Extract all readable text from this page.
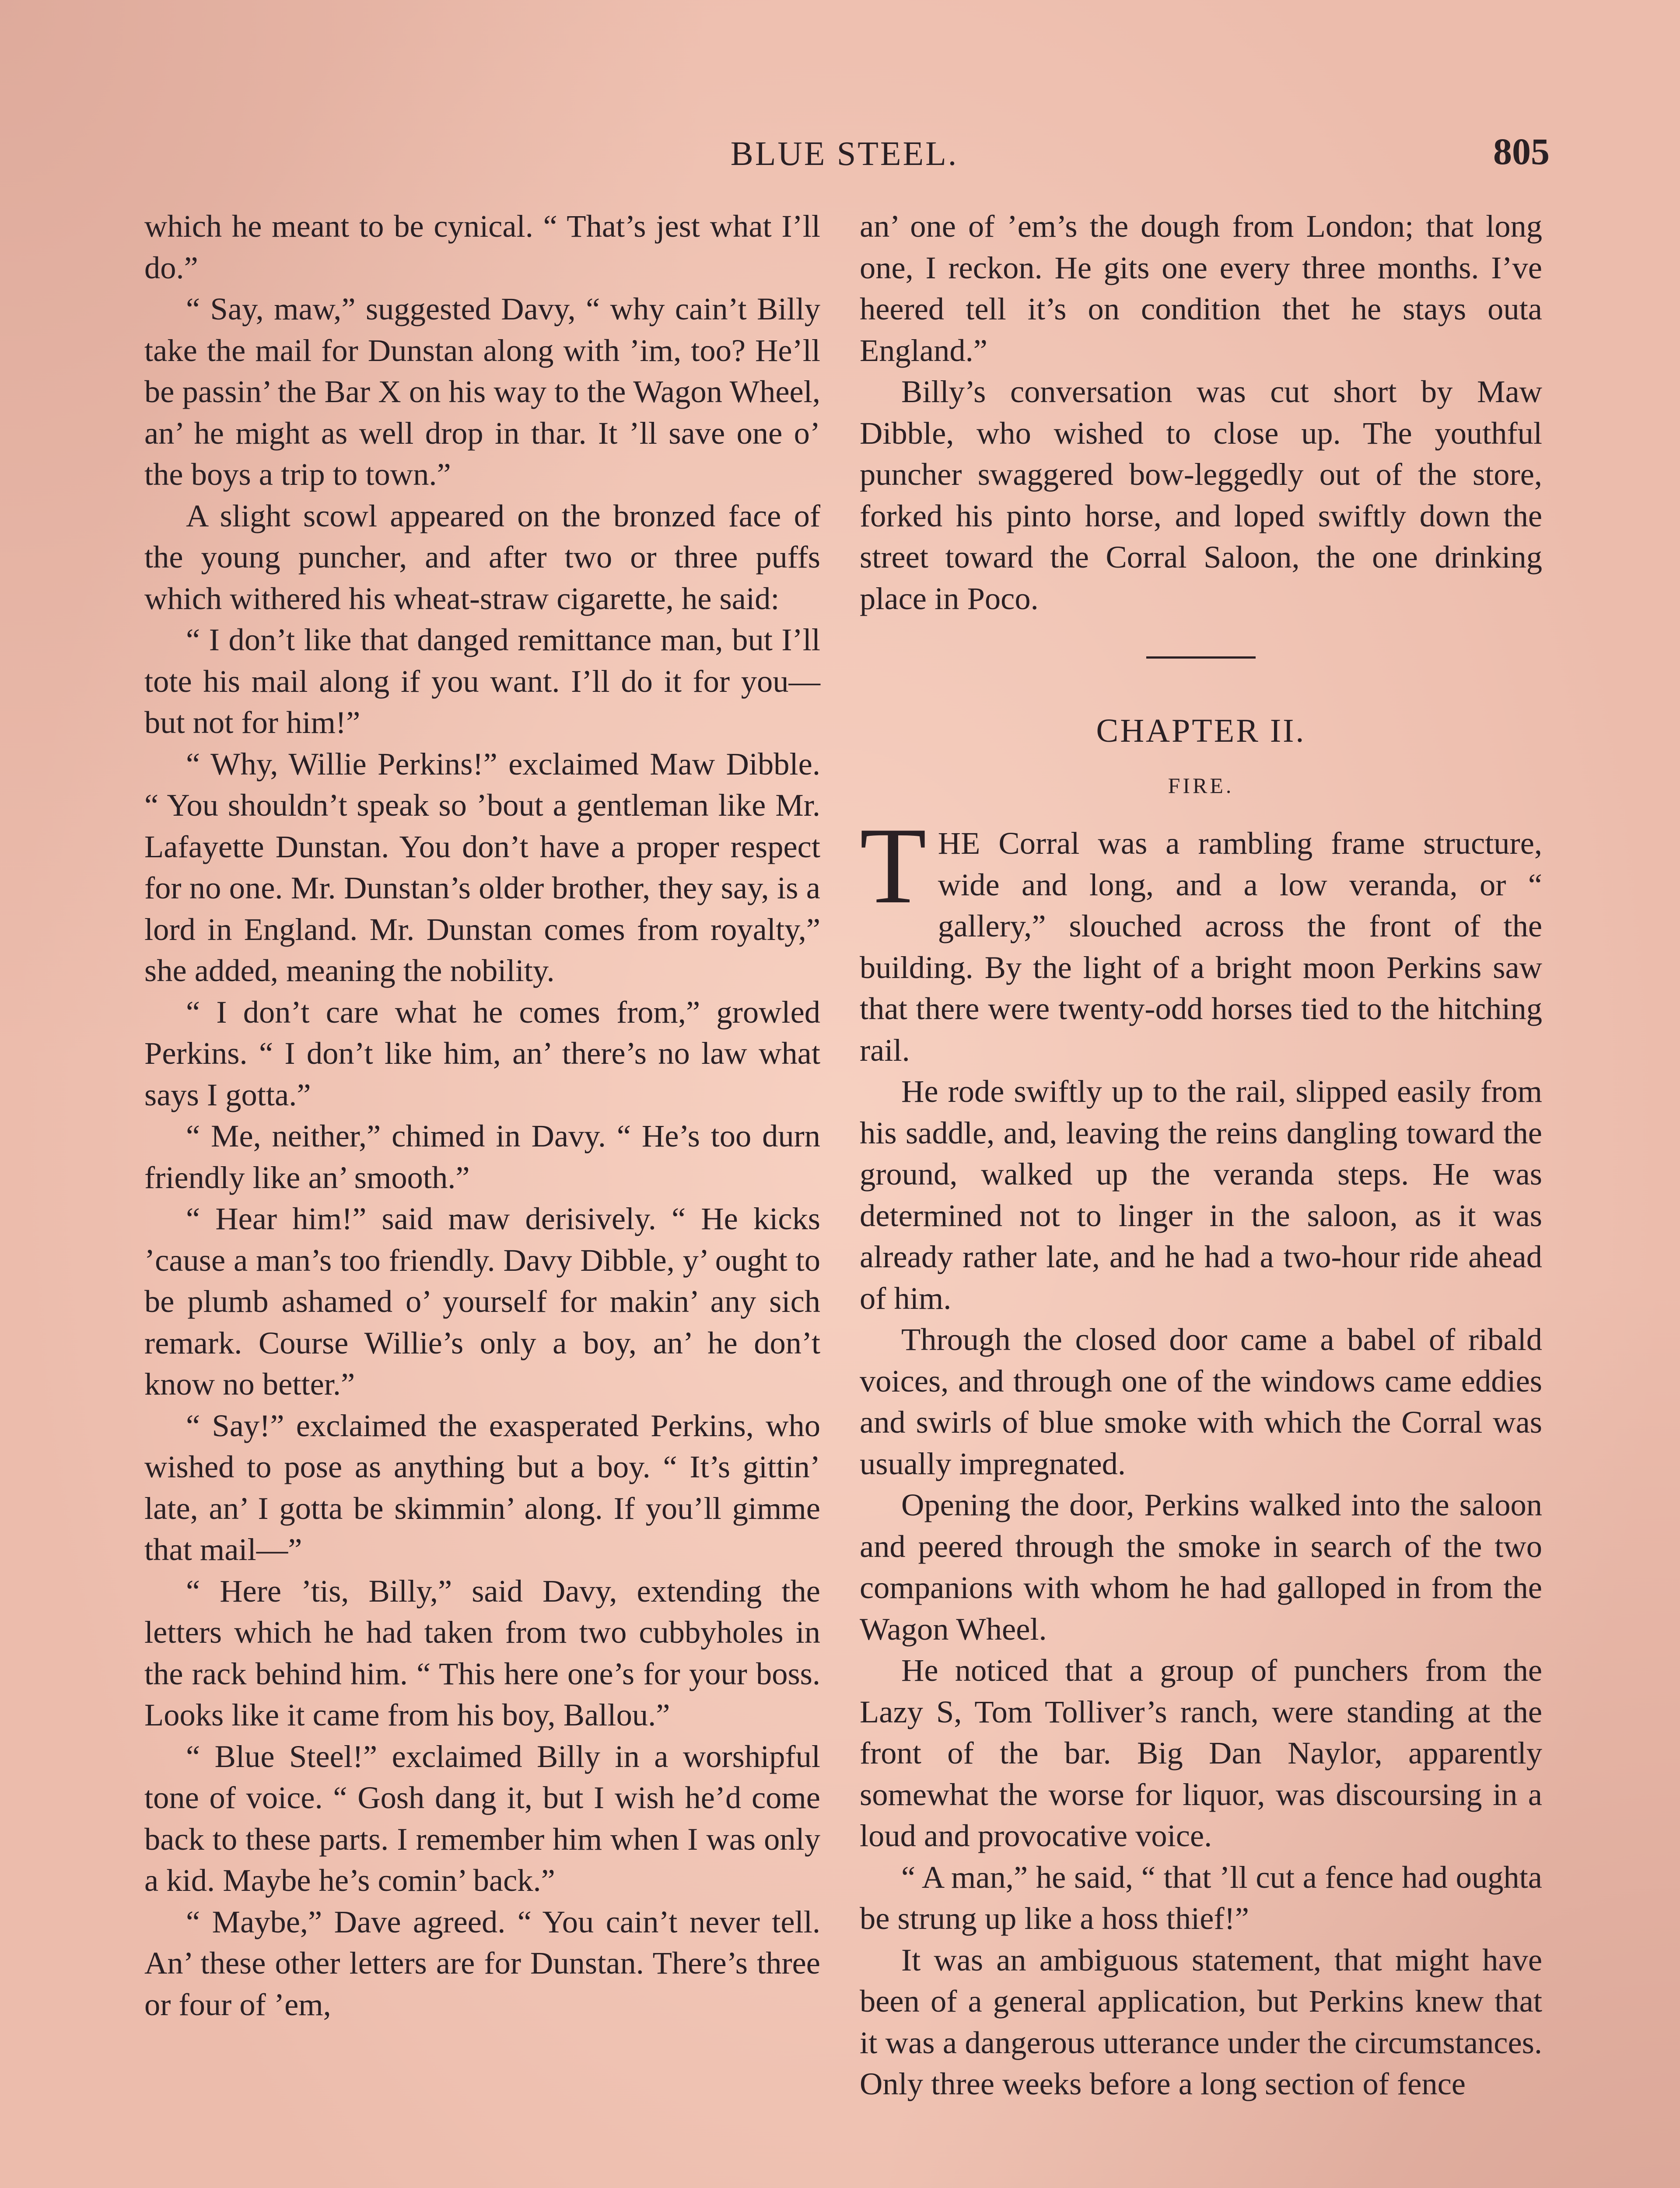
BLUE STEEL.	805

which he meant to be cynical. “ That’s jest what I’ll do.”

“ Say, maw,” suggested Davy, “ why cain’t Billy take the mail for Dunstan along with ’im, too? He’ll be passin’ the Bar X on his way to the Wagon Wheel, an’ he might as well drop in thar. It ’ll save one o’ the boys a trip to town.”

A slight scowl appeared on the bronzed face of the young puncher, and after two or three puffs which withered his wheat-straw cigarette, he said:

“ I don’t like that danged remittance man, but I’ll tote his mail along if you want. I’ll do it for you—but not for him!”

“ Why, Willie Perkins!” exclaimed Maw Dibble. “ You shouldn’t speak so ’bout a gentleman like Mr. Lafayette Dunstan. You don’t have a proper respect for no one. Mr. Dunstan’s older brother, they say, is a lord in England. Mr. Dunstan comes from royalty,” she added, meaning the nobility.

“ I don’t care what he comes from,” growled Perkins. “ I don’t like him, an’ there’s no law what says I gotta.”

“ Me, neither,” chimed in Davy. “ He’s too durn friendly like an’ smooth.”

“ Hear him!” said maw derisively. “ He kicks ’cause a man’s too friendly. Davy Dibble, y’ ought to be plumb ashamed o’ yourself for makin’ any sich remark. Course Willie’s only a boy, an’ he don’t know no better.”

“ Say!” exclaimed the exasperated Perkins, who wished to pose as anything but a boy. “ It’s gittin’ late, an’ I gotta be skimmin’ along. If you’ll gimme that mail—”

“ Here ’tis, Billy,” said Davy, extending the letters which he had taken from two cubbyholes in the rack behind him. “ This here one’s for your boss. Looks like it came from his boy, Ballou.”

“ Blue Steel!” exclaimed Billy in a worshipful tone of voice. “ Gosh dang it, but I wish he’d come back to these parts. I remember him when I was only a kid. Maybe he’s comin’ back.”

“ Maybe,” Dave agreed. “ You cain’t never tell. An’ these other letters are for Dunstan. There’s three or four of ’em,

an’ one of ’em’s the dough from London; that long one, I reckon. He gits one every three months. I’ve heered tell it’s on condition thet he stays outa England.”

Billy’s conversation was cut short by Maw Dibble, who wished to close up. The youthful puncher swaggered bow-leggedly out of the store, forked his pinto horse, and loped swiftly down the street toward the Corral Saloon, the one drinking place in Poco.

CHAPTER II.
FIRE.

THE Corral was a rambling frame structure, wide and long, and a low veranda, or “ gallery,” slouched across the front of the building. By the light of a bright moon Perkins saw that there were twenty-odd horses tied to the hitching rail.

He rode swiftly up to the rail, slipped easily from his saddle, and, leaving the reins dangling toward the ground, walked up the veranda steps. He was determined not to linger in the saloon, as it was already rather late, and he had a two-hour ride ahead of him.

Through the closed door came a babel of ribald voices, and through one of the windows came eddies and swirls of blue smoke with which the Corral was usually impregnated.

Opening the door, Perkins walked into the saloon and peered through the smoke in search of the two companions with whom he had galloped in from the Wagon Wheel.

He noticed that a group of punchers from the Lazy S, Tom Tolliver’s ranch, were standing at the front of the bar. Big Dan Naylor, apparently somewhat the worse for liquor, was discoursing in a loud and provocative voice.

“ A man,” he said, “ that ’ll cut a fence had oughta be strung up like a hoss thief!”

It was an ambiguous statement, that might have been of a general application, but Perkins knew that it was a dangerous utterance under the circumstances. Only three weeks before a long section of fence
